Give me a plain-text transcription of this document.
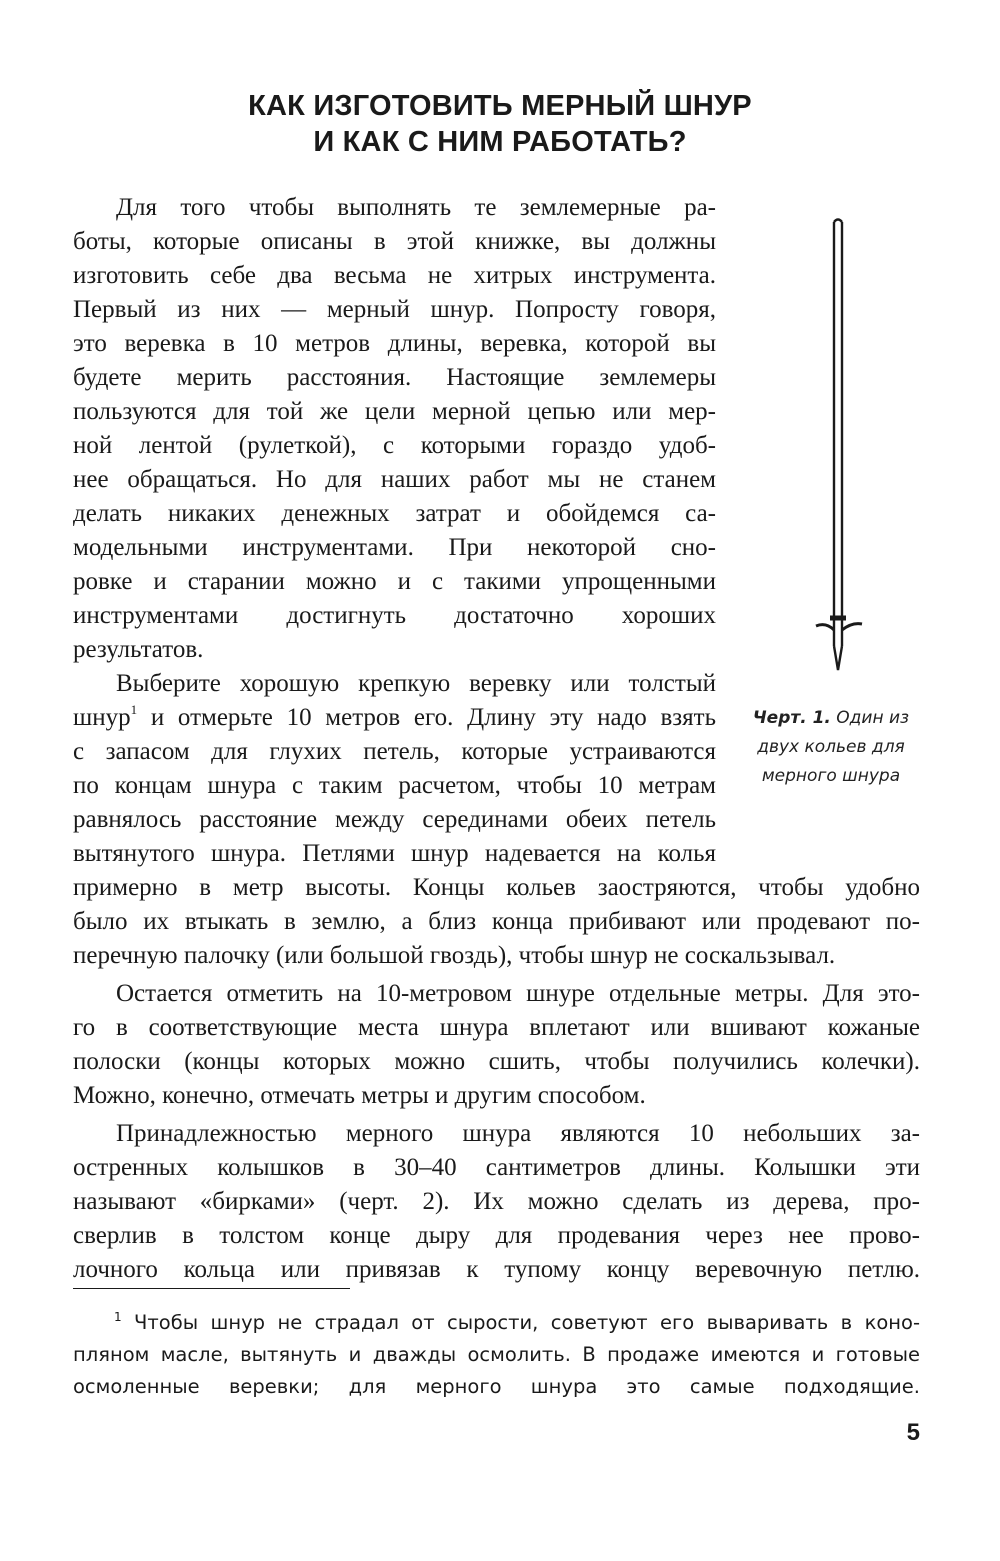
КАК ИЗГОТОВИТЬ МЕРНЫЙ ШНУР
И КАК С НИМ РАБОТАТЬ?

Для того чтобы выполнять те землемерные ра-

боты, которые описаны в этой книжке, вы должны

изготовить себе два весьма не хитрых инструмента.

Первый из них — мерный шнур. Попросту говоря,

это веревка в 10 метров длины, веревка, которой вы

будете мерить расстояния. Настоящие землемеры

пользуются для той же цели мерной цепью или мер-

ной лентой (рулеткой), с которыми гораздо удоб-

нее обращаться. Но для наших работ мы не станем

делать никаких денежных затрат и обойдемся са-

модельными инструментами. При некоторой сно-

ровке и старании можно и с такими упрощенными

инструментами достигнуть достаточно хороших

результатов.

Выберите хорошую крепкую веревку или толстый

шнур$^1$ и отмерьте 10 метров его. Длину эту надо взять

с запасом для глухих петель, которые устраиваются

по концам шнура с таким расчетом, чтобы 10 метрам

равнялось расстояние между серединами обеих петель

вытянутого шнура. Петлями шнур надевается на колья

примерно в метр высоты. Концы кольев заостряются, чтобы удобно

было их втыкать в землю, а близ конца прибивают или продевают по-

перечную палочку (или большой гвоздь), чтобы шнур не соскальзывал.

Остается отметить на 10-метровом шнуре отдельные метры. Для это-

го в соответствующие места шнура вплетают или вшивают кожаные

полоски (концы которых можно сшить, чтобы получились колечки).

Можно, конечно, отмечать метры и другим способом.

Принадлежностью мерного шнура являются 10 небольших за-

остренных колышков в 30–40 сантиметров длины. Колышки эти

называют «бирками» (черт. 2). Их можно сделать из дерева, про-

сверлив в толстом конце дыру для продевания через нее прово-

лочного кольца или привязав к тупому концу веревочную петлю.

Черт. 1. Один из
двух кольев для
мерного шнура

$^1$ Чтобы шнур не страдал от сырости, советуют его вываривать в коно-

пляном масле, вытянуть и дважды осмолить. В продаже имеются и готовые

осмоленные веревки; для мерного шнура это самые подходящие.

5
